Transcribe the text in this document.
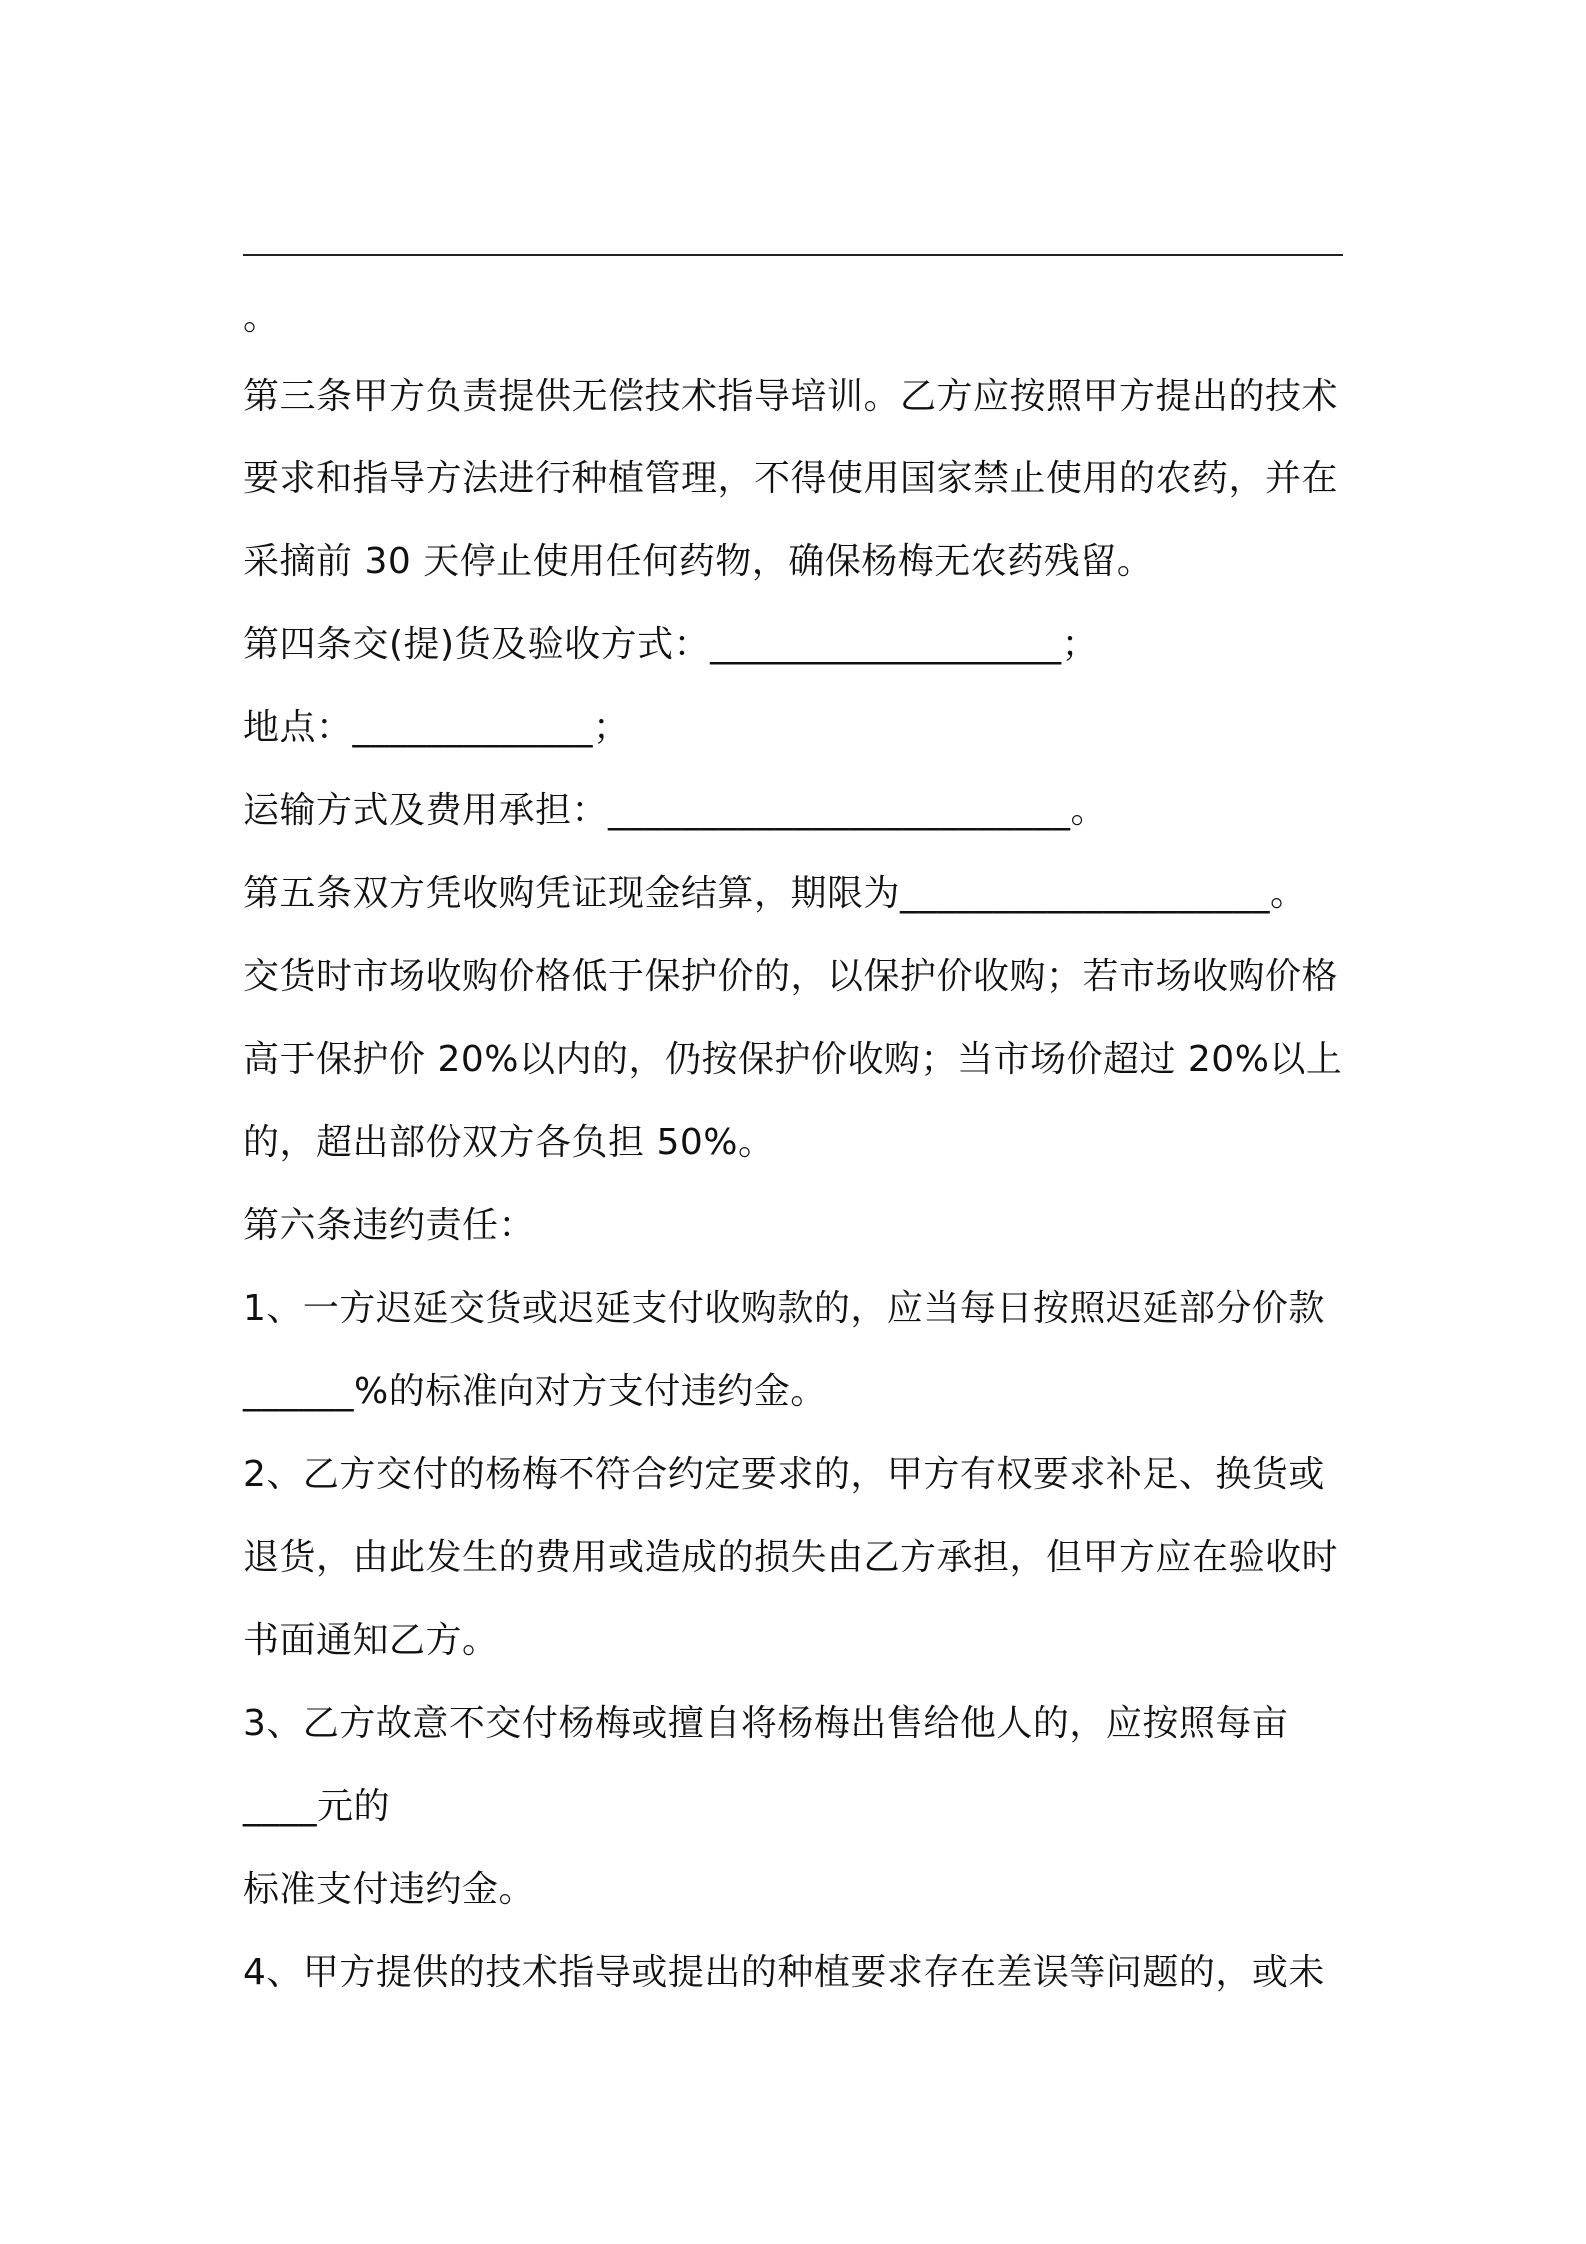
。
第三条甲方负责提供无偿技术指导培训。乙方应按照甲方提出的技术
要求和指导方法进行种植管理，不得使用国家禁止使用的农药，并在
采摘前 30 天停止使用任何药物，确保杨梅无农药残留。
第四条交(提)货及验收方式：___________________；
地点：_____________；
运输方式及费用承担：_________________________。
第五条双方凭收购凭证现金结算，期限为____________________。
交货时市场收购价格低于保护价的，以保护价收购；若市场收购价格
高于保护价 20%以内的，仍按保护价收购；当市场价超过 20%以上
的，超出部份双方各负担 50%。
第六条违约责任：
1、一方迟延交货或迟延支付收购款的，应当每日按照迟延部分价款
______%的标准向对方支付违约金。
2、乙方交付的杨梅不符合约定要求的，甲方有权要求补足、换货或
退货，由此发生的费用或造成的损失由乙方承担，但甲方应在验收时
书面通知乙方。
3、乙方故意不交付杨梅或擅自将杨梅出售给他人的，应按照每亩
____元的
标准支付违约金。
4、甲方提供的技术指导或提出的种植要求存在差误等问题的，或未
